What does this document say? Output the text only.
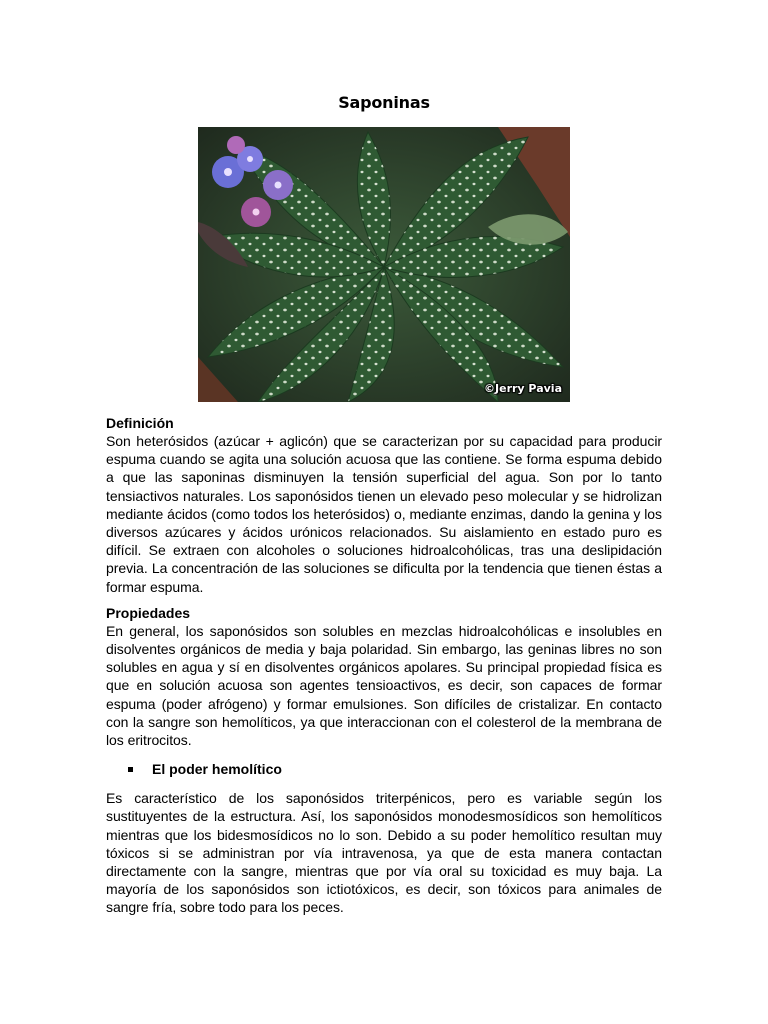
Saponinas
©Jerry Pavia
Definición

Son heterósidos (azúcar + aglicón) que se caracterizan por su capacidad para producir espuma cuando se agita una solución acuosa que las contiene. Se forma espuma debido a que las saponinas disminuyen la tensión superficial del agua. Son por lo tanto tensiactivos naturales. Los saponósidos tienen un elevado peso molecular y se hidrolizan mediante ácidos (como todos los heterósidos) o, mediante enzimas, dando la genina y los diversos azúcares y ácidos urónicos relacionados. Su aislamiento en estado puro es difícil. Se extraen con alcoholes o soluciones hidroalcohólicas, tras una deslipidación previa. La concentración de las soluciones se dificulta por la tendencia que tienen éstas a formar espuma.

Propiedades

En general, los saponósidos son solubles en mezclas hidroalcohólicas e insolubles en disolventes orgánicos de media y baja polaridad. Sin embargo, las geninas libres no son solubles en agua y sí en disolventes orgánicos apolares. Su principal propiedad física es que en solución acuosa son agentes tensioactivos, es decir, son capaces de formar espuma (poder afrógeno) y formar emulsiones. Son difíciles de cristalizar. En contacto con la sangre son hemolíticos, ya que interaccionan con el colesterol de la membrana de los eritrocitos.

El poder hemolítico

Es característico de los saponósidos triterpénicos, pero es variable según los sustituyentes de la estructura. Así, los saponósidos monodesmosídicos son hemolíticos mientras que los bidesmosídicos no lo son. Debido a su poder hemolítico resultan muy tóxicos si se administran por vía intravenosa, ya que de esta manera contactan directamente con la sangre, mientras que por vía oral su toxicidad es muy baja. La mayoría de los saponósidos son ictiotóxicos, es decir, son tóxicos para animales de sangre fría, sobre todo para los peces.
